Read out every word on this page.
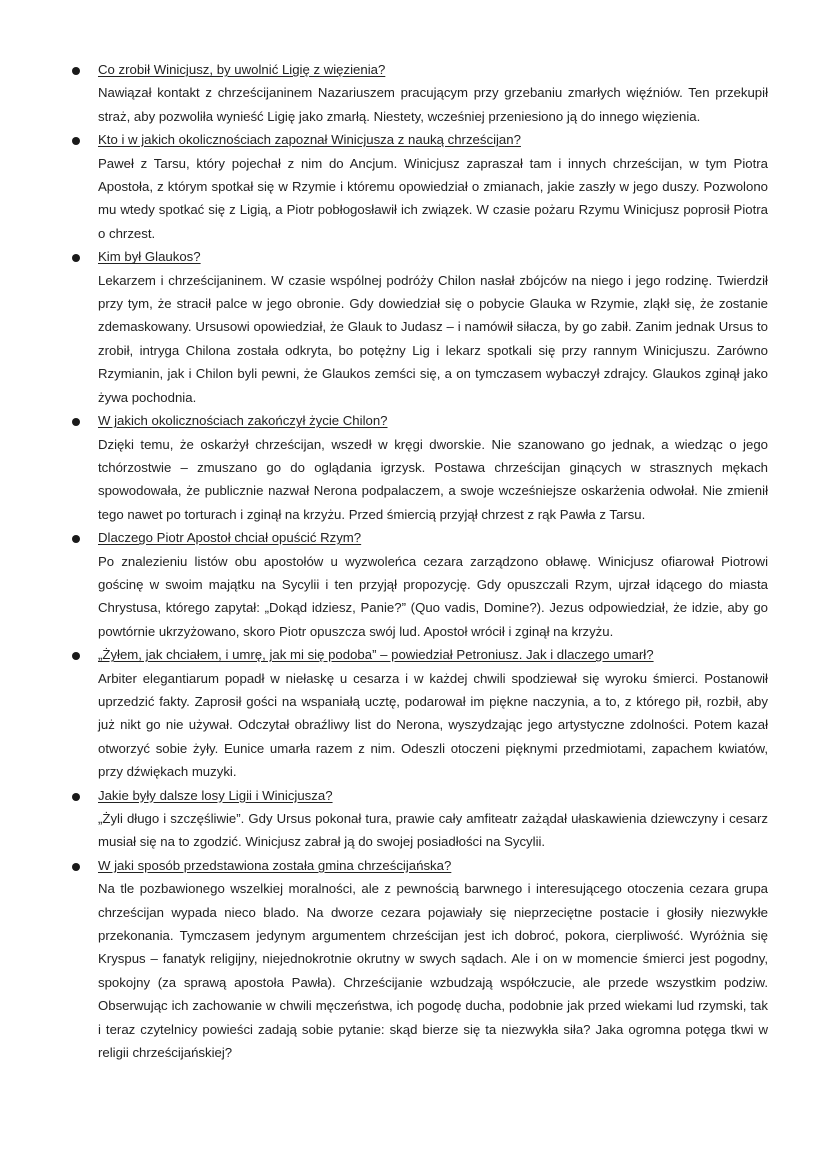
Co zrobił Winicjusz, by uwolnić Ligię z więzienia?

Nawiązał kontakt z chrześcijaninem Nazariuszem pracującym przy grzebaniu zmarłych więźniów. Ten przekupił straż, aby pozwoliła wynieść Ligię jako zmarłą. Niestety, wcześniej przeniesiono ją do innego więzienia.

Kto i w jakich okolicznościach zapoznał Winicjusza z nauką chrześcijan?

Paweł z Tarsu, który pojechał z nim do Ancjum. Winicjusz zapraszał tam i innych chrześcijan, w tym Piotra Apostoła, z którym spotkał się w Rzymie i któremu opowiedział o zmianach, jakie zaszły w jego duszy. Pozwolono mu wtedy spotkać się z Ligią, a Piotr pobłogosławił ich związek. W czasie pożaru Rzymu Winicjusz poprosił Piotra o chrzest.

Kim był Glaukos?

Lekarzem i chrześcijaninem. W czasie wspólnej podróży Chilon nasłał zbójców na niego i jego rodzinę. Twierdził przy tym, że stracił palce w jego obronie. Gdy dowiedział się o pobycie Glauka w Rzymie, zląkł się, że zostanie zdemaskowany. Ursusowi opowiedział, że Glauk to Judasz – i namówił siłacza, by go zabił. Zanim jednak Ursus to zrobił, intryga Chilona została odkryta, bo potężny Lig i lekarz spotkali się przy rannym Winicjuszu. Zarówno Rzymianin, jak i Chilon byli pewni, że Glaukos zemści się, a on tymczasem wybaczył zdrajcy. Glaukos zginął jako żywa pochodnia.

W jakich okolicznościach zakończył życie Chilon?

Dzięki temu, że oskarżył chrześcijan, wszedł w kręgi dworskie. Nie szanowano go jednak, a wiedząc o jego tchórzostwie – zmuszano go do oglądania igrzysk. Postawa chrześcijan ginących w strasznych mękach spowodowała, że publicznie nazwał Nerona podpalaczem, a swoje wcześniejsze oskarżenia odwołał. Nie zmienił tego nawet po torturach i zginął na krzyżu. Przed śmiercią przyjął chrzest z rąk Pawła z Tarsu.

Dlaczego Piotr Apostoł chciał opuścić Rzym?

Po znalezieniu listów obu apostołów u wyzwoleńca cezara zarządzono obławę. Winicjusz ofiarował Piotrowi gościnę w swoim majątku na Sycylii i ten przyjął propozycję. Gdy opuszczali Rzym, ujrzał idącego do miasta Chrystusa, którego zapytał: „Dokąd idziesz, Panie?” (Quo vadis, Domine?). Jezus odpowiedział, że idzie, aby go powtórnie ukrzyżowano, skoro Piotr opuszcza swój lud. Apostoł wrócił i zginął na krzyżu.

„Żyłem, jak chciałem, i umrę, jak mi się podoba” – powiedział Petroniusz. Jak i dlaczego umarł?

Arbiter elegantiarum popadł w niełaskę u cesarza i w każdej chwili spodziewał się wyroku śmierci. Postanowił uprzedzić fakty. Zaprosił gości na wspaniałą ucztę, podarował im piękne naczynia, a to, z którego pił, rozbił, aby już nikt go nie używał. Odczytał obraźliwy list do Nerona, wyszydzając jego artystyczne zdolności. Potem kazał otworzyć sobie żyły. Eunice umarła razem z nim. Odeszli otoczeni pięknymi przedmiotami, zapachem kwiatów, przy dźwiękach muzyki.

Jakie były dalsze losy Ligii i Winicjusza?

„Żyli długo i szczęśliwie”. Gdy Ursus pokonał tura, prawie cały amfiteatr zażądał ułaskawienia dziewczyny i cesarz musiał się na to zgodzić. Winicjusz zabrał ją do swojej posiadłości na Sycylii.

W jaki sposób przedstawiona została gmina chrześcijańska?

Na tle pozbawionego wszelkiej moralności, ale z pewnością barwnego i interesującego otoczenia cezara grupa chrześcijan wypada nieco blado. Na dworze cezara pojawiały się nieprzeciętne postacie i głosiły niezwykłe przekonania. Tymczasem jedynym argumentem chrześcijan jest ich dobroć, pokora, cierpliwość. Wyróżnia się Kryspus – fanatyk religijny, niejednokrotnie okrutny w swych sądach. Ale i on w momencie śmierci jest pogodny, spokojny (za sprawą apostoła Pawła). Chrześcijanie wzbudzają współczucie, ale przede wszystkim podziw. Obserwując ich zachowanie w chwili męczeństwa, ich pogodę ducha, podobnie jak przed wiekami lud rzymski, tak i teraz czytelnicy powieści zadają sobie pytanie: skąd bierze się ta niezwykła siła? Jaka ogromna potęga tkwi w religii chrześcijańskiej?
